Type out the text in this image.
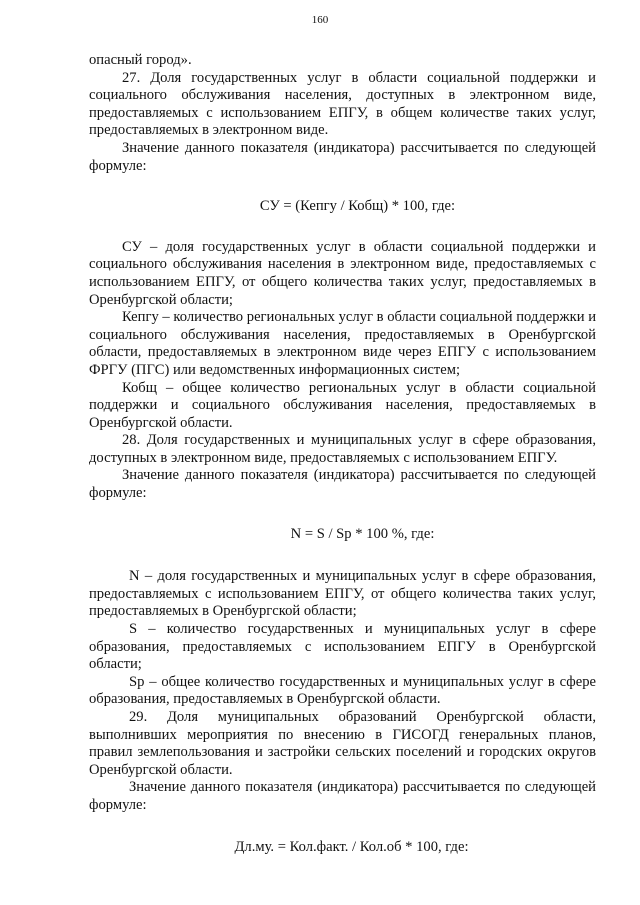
160

опасный город».

27. Доля государственных услуг в области социальной поддержки и социального обслуживания населения, доступных в электронном виде, предоставляемых с использованием ЕПГУ, в общем количестве таких услуг, предоставляемых в электронном виде.

Значение данного показателя (индикатора) рассчитывается по следующей формуле:

СУ = (Кепгу / Кобщ) * 100, где:

СУ – доля государственных услуг в области социальной поддержки и социального обслуживания населения в электронном виде, предоставляемых с использованием ЕПГУ, от общего количества таких услуг, предоставляемых в Оренбургской области;

Кепгу – количество региональных услуг в области социальной поддержки и социального обслуживания населения, предоставляемых в Оренбургской области, предоставляемых в электронном виде через ЕПГУ с использованием ФРГУ (ПГС) или ведомственных информационных систем;

Кобщ – общее количество региональных услуг в области социальной поддержки и социального обслуживания населения, предоставляемых в Оренбургской области.

28. Доля государственных и муниципальных услуг в сфере образования, доступных в электронном виде, предоставляемых с использованием ЕПГУ.

Значение данного показателя (индикатора) рассчитывается по следующей формуле:

N = S / Sp * 100 %, где:

N – доля государственных и муниципальных услуг в сфере образования, предоставляемых с использованием ЕПГУ, от общего количества таких услуг, предоставляемых в Оренбургской области;

S – количество государственных и муниципальных услуг в сфере образования, предоставляемых с использованием ЕПГУ в Оренбургской области;

Sp – общее количество государственных и муниципальных услуг в сфере образования, предоставляемых в Оренбургской области.

29. Доля муниципальных образований Оренбургской области, выполнивших мероприятия по внесению в ГИСОГД генеральных планов, правил землепользования и застройки сельских поселений и городских округов Оренбургской области.

Значение данного показателя (индикатора) рассчитывается по следующей формуле:

Дл.му. = Кол.факт. / Кол.об * 100, где:
